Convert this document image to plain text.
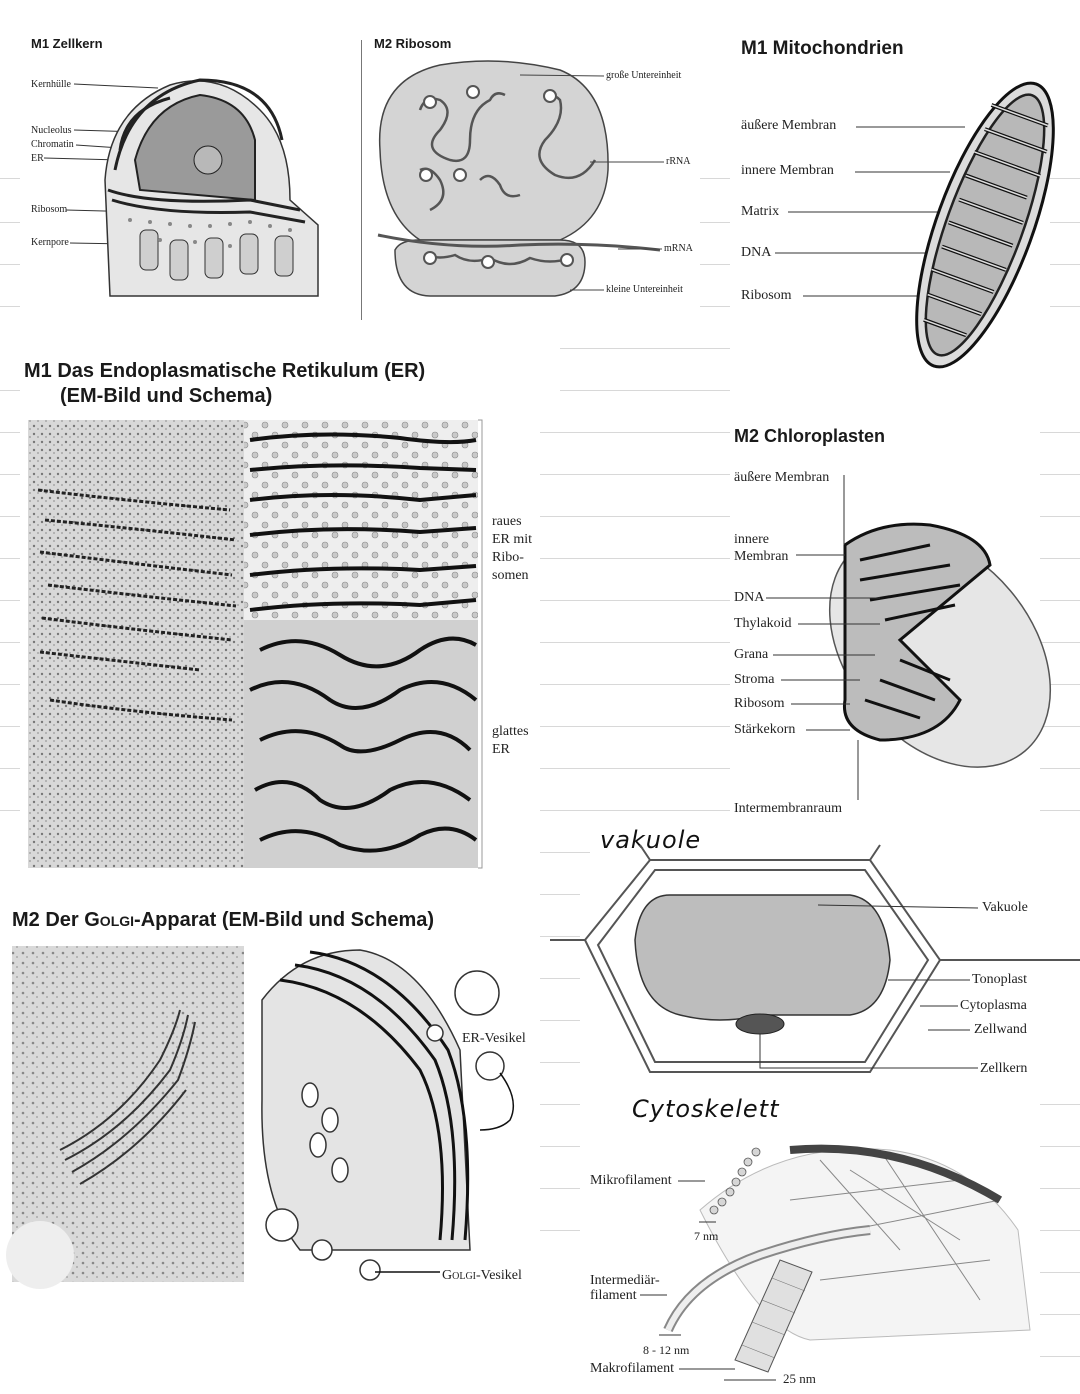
M1 Zellkern
Kernhülle
Nucleolus
Chromatin
ER
Ribosom
Kernpore
M2 Ribosom
große Untereinheit
rRNA
mRNA
kleine Untereinheit
M1 Mitochondrien
äußere Membran
innere Membran
Matrix
DNA
Ribosom
M1 Das Endoplasmatische Retikulum (ER)
(EM-Bild und Schema)
raues
ER mit
Ribo-
somen
glattes
ER
M2 Chloroplasten
äußere Membran
innere
Membran
DNA
Thylakoid
Grana
Stroma
Ribosom
Stärkekorn
Intermembranraum
vakuole
Vakuole
Tonoplast
Cytoplasma
Zellwand
Zellkern
M2 Der Golgi-Apparat (EM-Bild und Schema)
ER-Vesikel
Golgi-Vesikel
Cytoskelett
Mikrofilament
7 nm
Intermediär-
filament
8 - 12 nm
Makrofilament
25 nm
